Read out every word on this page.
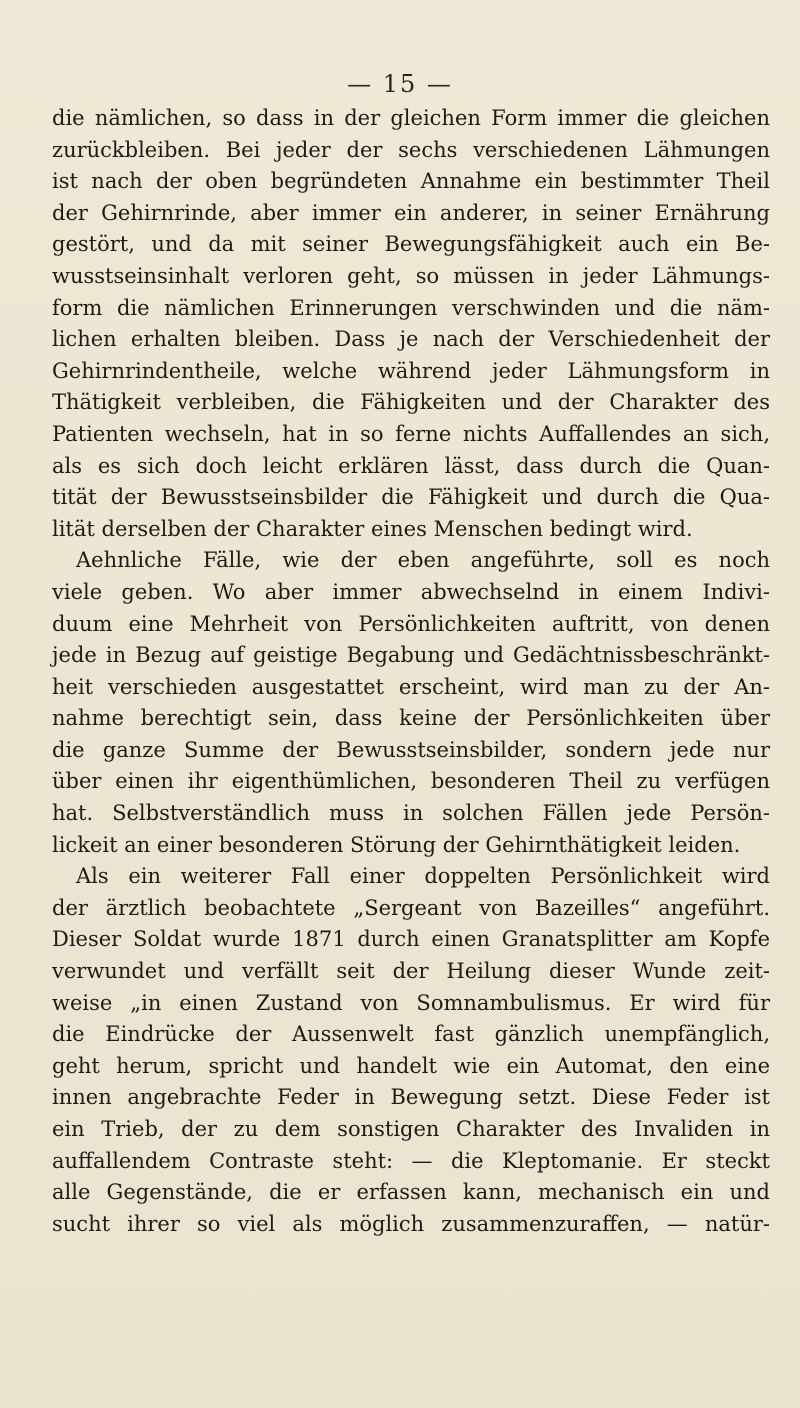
— 15 —

die nämlichen, so dass in der gleichen Form immer die gleichen
zurückbleiben. Bei jeder der sechs verschiedenen Lähmungen
ist nach der oben begründeten Annahme ein bestimmter Theil
der Gehirnrinde, aber immer ein anderer, in seiner Ernährung
gestört, und da mit seiner Bewegungsfähigkeit auch ein Be-
wusstseinsinhalt verloren geht, so müssen in jeder Lähmungs-
form die nämlichen Erinnerungen verschwinden und die näm-
lichen erhalten bleiben. Dass je nach der Verschiedenheit der
Gehirnrindentheile, welche während jeder Lähmungsform in
Thätigkeit verbleiben, die Fähigkeiten und der Charakter des
Patienten wechseln, hat in so ferne nichts Auffallendes an sich,
als es sich doch leicht erklären lässt, dass durch die Quan-
tität der Bewusstseinsbilder die Fähigkeit und durch die Qua-
lität derselben der Charakter eines Menschen bedingt wird.
Aehnliche Fälle, wie der eben angeführte, soll es noch
viele geben. Wo aber immer abwechselnd in einem Indivi-
duum eine Mehrheit von Persönlichkeiten auftritt, von denen
jede in Bezug auf geistige Begabung und Gedächtnissbeschränkt-
heit verschieden ausgestattet erscheint, wird man zu der An-
nahme berechtigt sein, dass keine der Persönlichkeiten über
die ganze Summe der Bewusstseinsbilder, sondern jede nur
über einen ihr eigenthümlichen, besonderen Theil zu verfügen
hat. Selbstverständlich muss in solchen Fällen jede Persön-
lickeit an einer besonderen Störung der Gehirnthätigkeit leiden.
Als ein weiterer Fall einer doppelten Persönlichkeit wird
der ärztlich beobachtete „Sergeant von Bazeilles“ angeführt.
Dieser Soldat wurde 1871 durch einen Granatsplitter am Kopfe
verwundet und verfällt seit der Heilung dieser Wunde zeit-
weise „in einen Zustand von Somnambulismus. Er wird für
die Eindrücke der Aussenwelt fast gänzlich unempfänglich,
geht herum, spricht und handelt wie ein Automat, den eine
innen angebrachte Feder in Bewegung setzt. Diese Feder ist
ein Trieb, der zu dem sonstigen Charakter des Invaliden in
auffallendem Contraste steht: — die Kleptomanie. Er steckt
alle Gegenstände, die er erfassen kann, mechanisch ein und
sucht ihrer so viel als möglich zusammenzuraffen, — natür-
